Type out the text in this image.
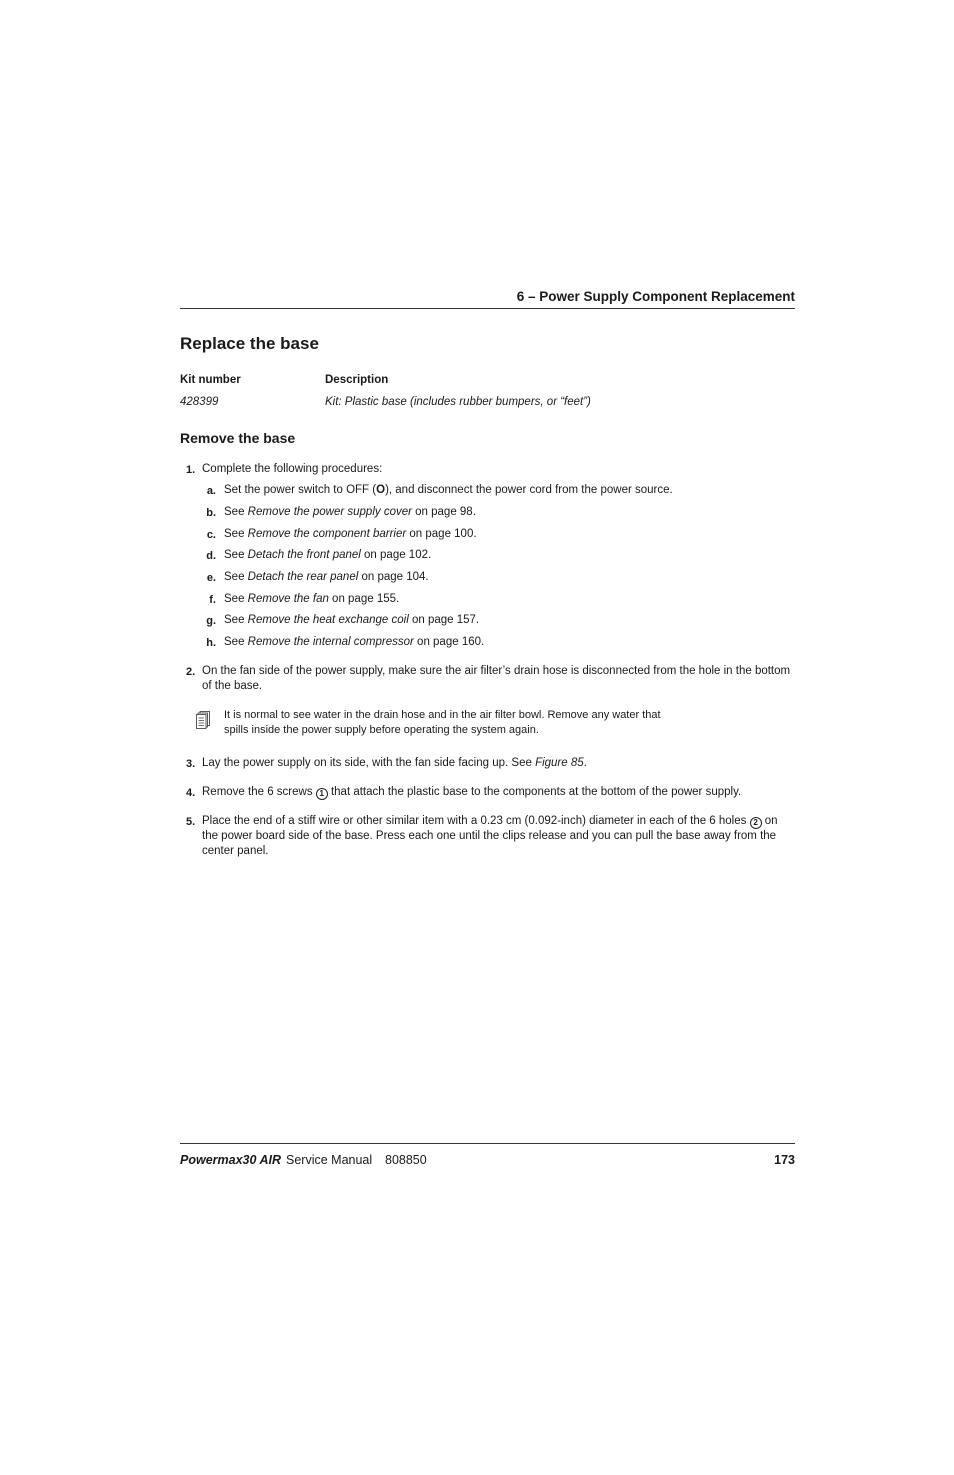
6 – Power Supply Component Replacement
Replace the base
Kit number	Description
428399	Kit: Plastic base (includes rubber bumpers, or “feet”)
Remove the base
1. Complete the following procedures:
a. Set the power switch to OFF (O), and disconnect the power cord from the power source.
b. See Remove the power supply cover on page 98.
c. See Remove the component barrier on page 100.
d. See Detach the front panel on page 102.
e. See Detach the rear panel on page 104.
f. See Remove the fan on page 155.
g. See Remove the heat exchange coil on page 157.
h. See Remove the internal compressor on page 160.
2. On the fan side of the power supply, make sure the air filter’s drain hose is disconnected from the hole in the bottom
of the base.
It is normal to see water in the drain hose and in the air filter bowl. Remove any water that
spills inside the power supply before operating the system again.
3. Lay the power supply on its side, with the fan side facing up. See Figure 85.
4. Remove the 6 screws 1 that attach the plastic base to the components at the bottom of the power supply.
5. Place the end of a stiff wire or other similar item with a 0.23 cm (0.092-inch) diameter in each of the 6 holes 2 on
the power board side of the base. Press each one until the clips release and you can pull the base away from the
center panel.
Powermax30 AIR Service Manual 808850	173
